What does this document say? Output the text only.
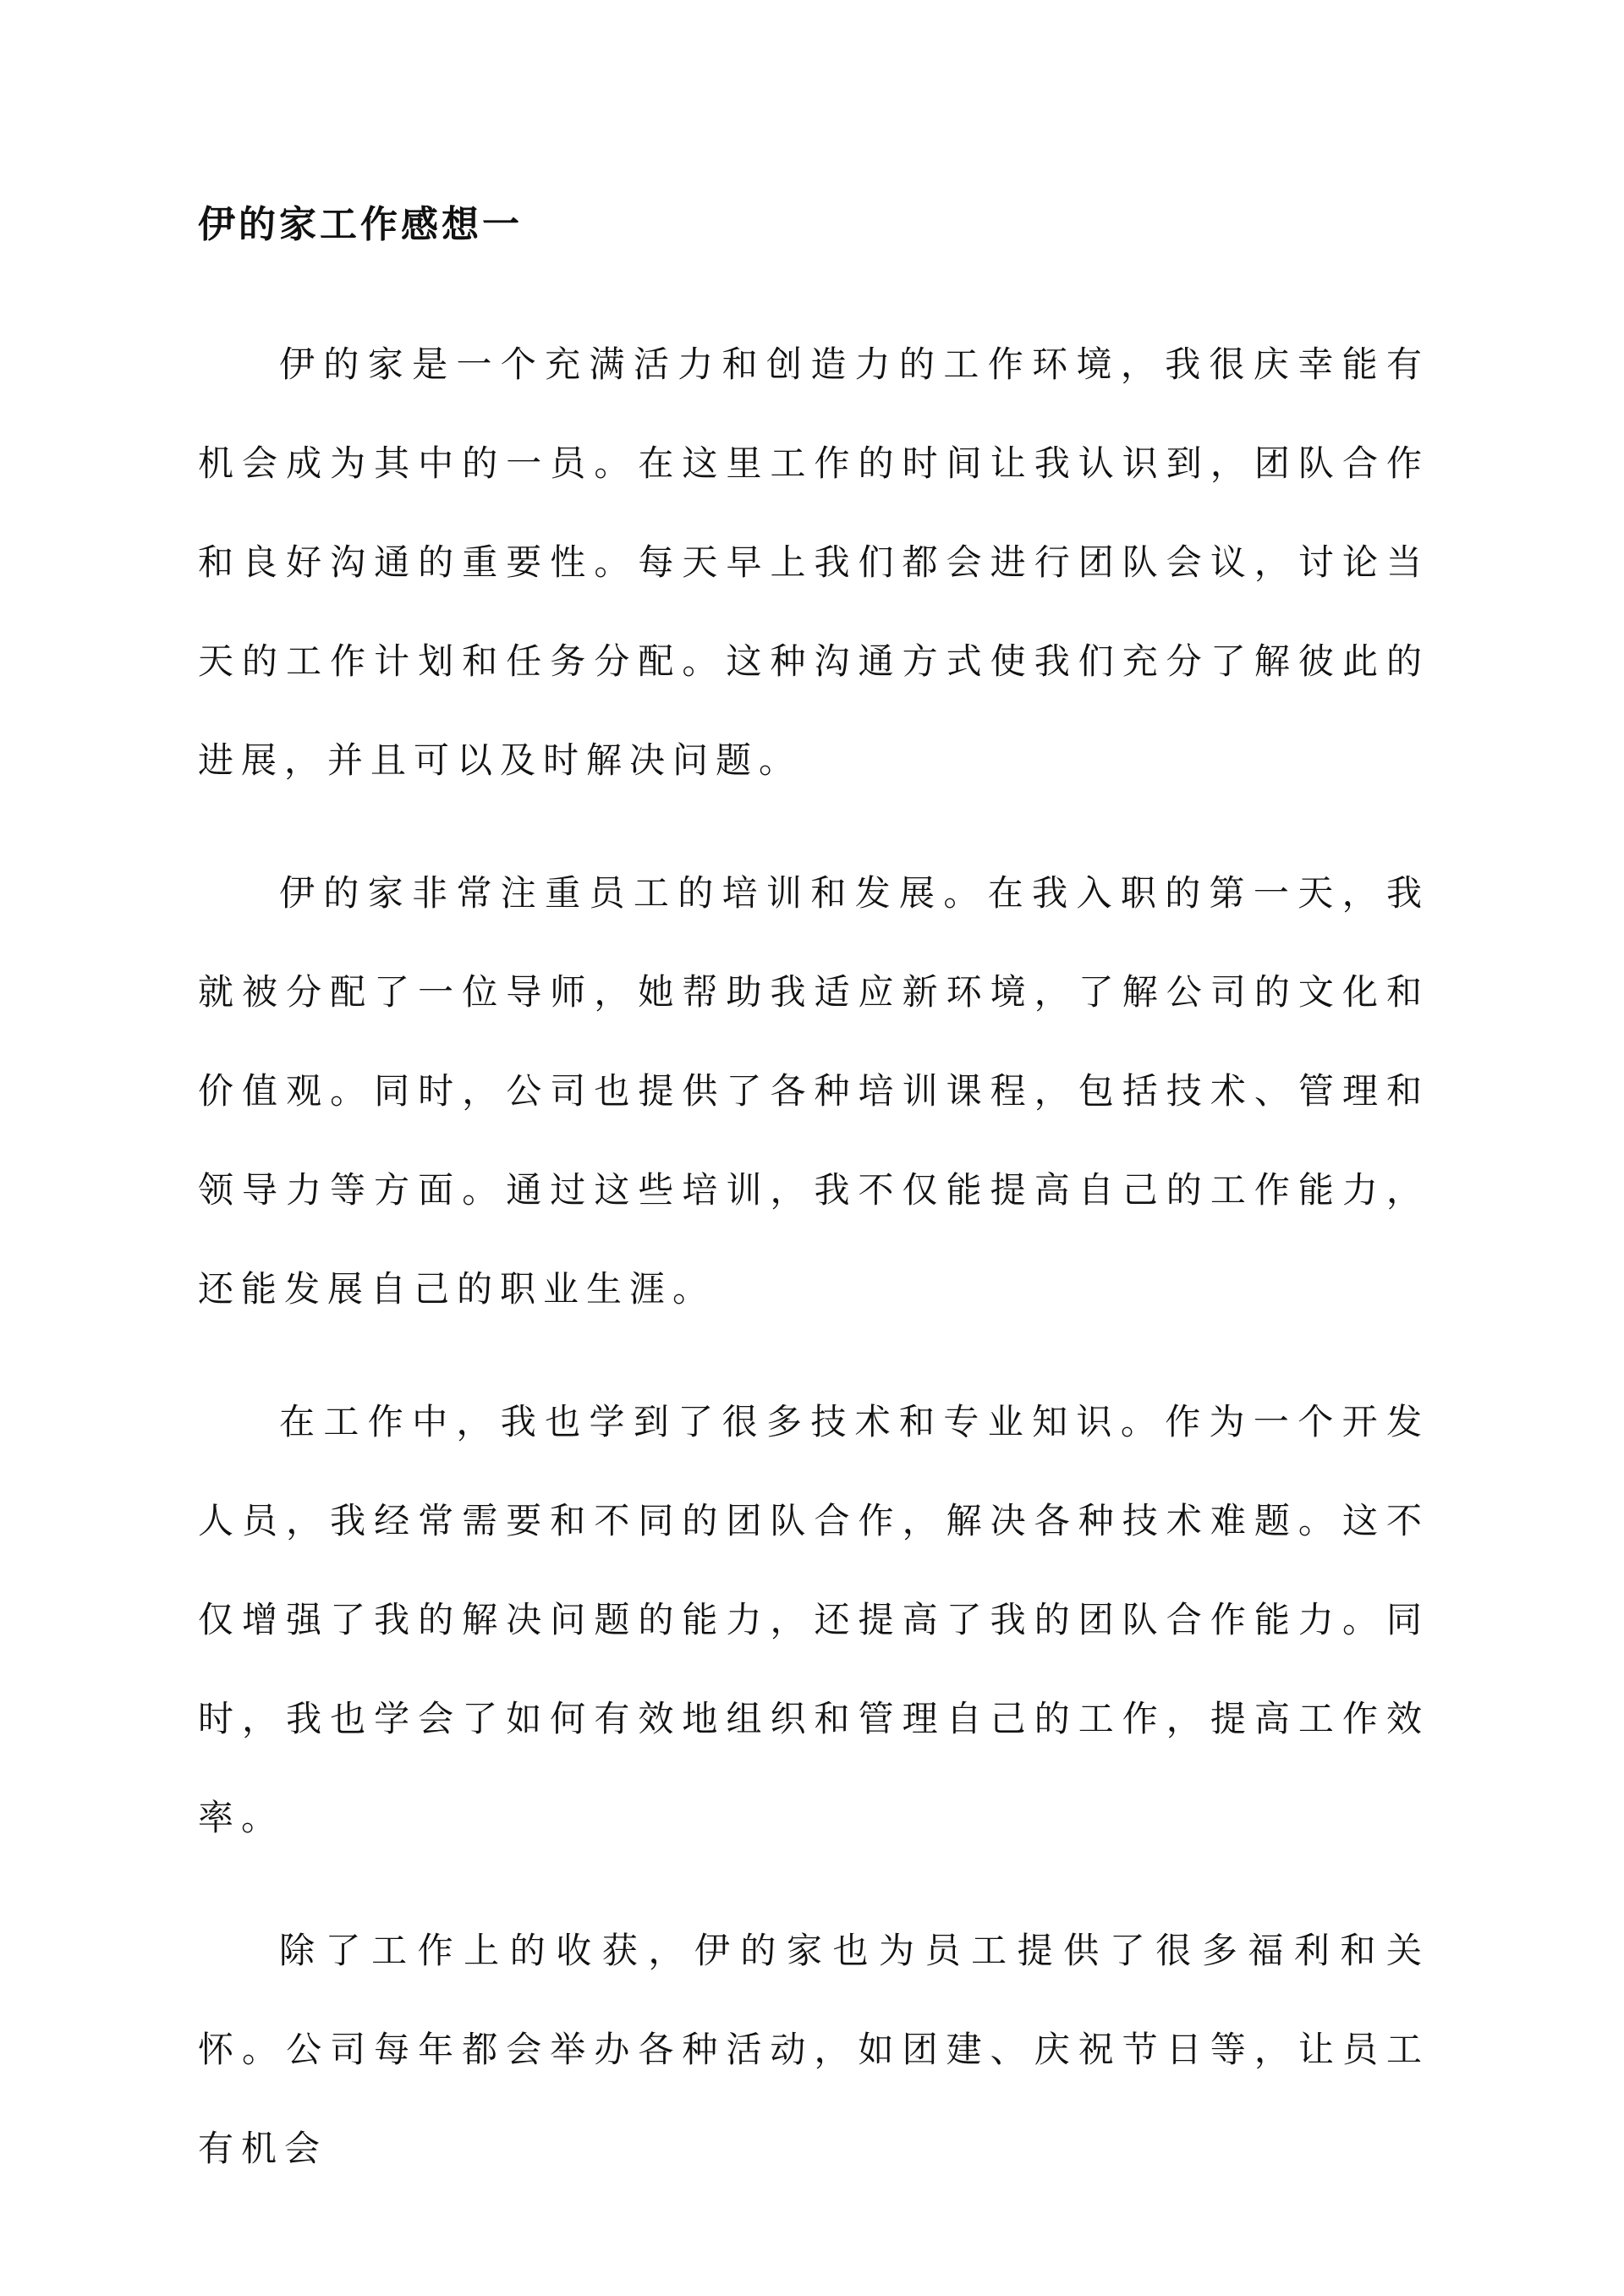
伊的家工作感想一

伊的家是一个充满活力和创造力的工作环境，我很庆幸能有机会成为其中的一员。在这里工作的时间让我认识到，团队合作和良好沟通的重要性。每天早上我们都会进行团队会议，讨论当天的工作计划和任务分配。这种沟通方式使我们充分了解彼此的进展，并且可以及时解决问题。

伊的家非常注重员工的培训和发展。在我入职的第一天，我就被分配了一位导师，她帮助我适应新环境，了解公司的文化和价值观。同时，公司也提供了各种培训课程，包括技术、管理和领导力等方面。通过这些培训，我不仅能提高自己的工作能力，还能发展自己的职业生涯。

在工作中，我也学到了很多技术和专业知识。作为一个开发人员，我经常需要和不同的团队合作，解决各种技术难题。这不仅增强了我的解决问题的能力，还提高了我的团队合作能力。同时，我也学会了如何有效地组织和管理自己的工作，提高工作效率。

除了工作上的收获，伊的家也为员工提供了很多福利和关怀。公司每年都会举办各种活动，如团建、庆祝节日等，让员工有机会
